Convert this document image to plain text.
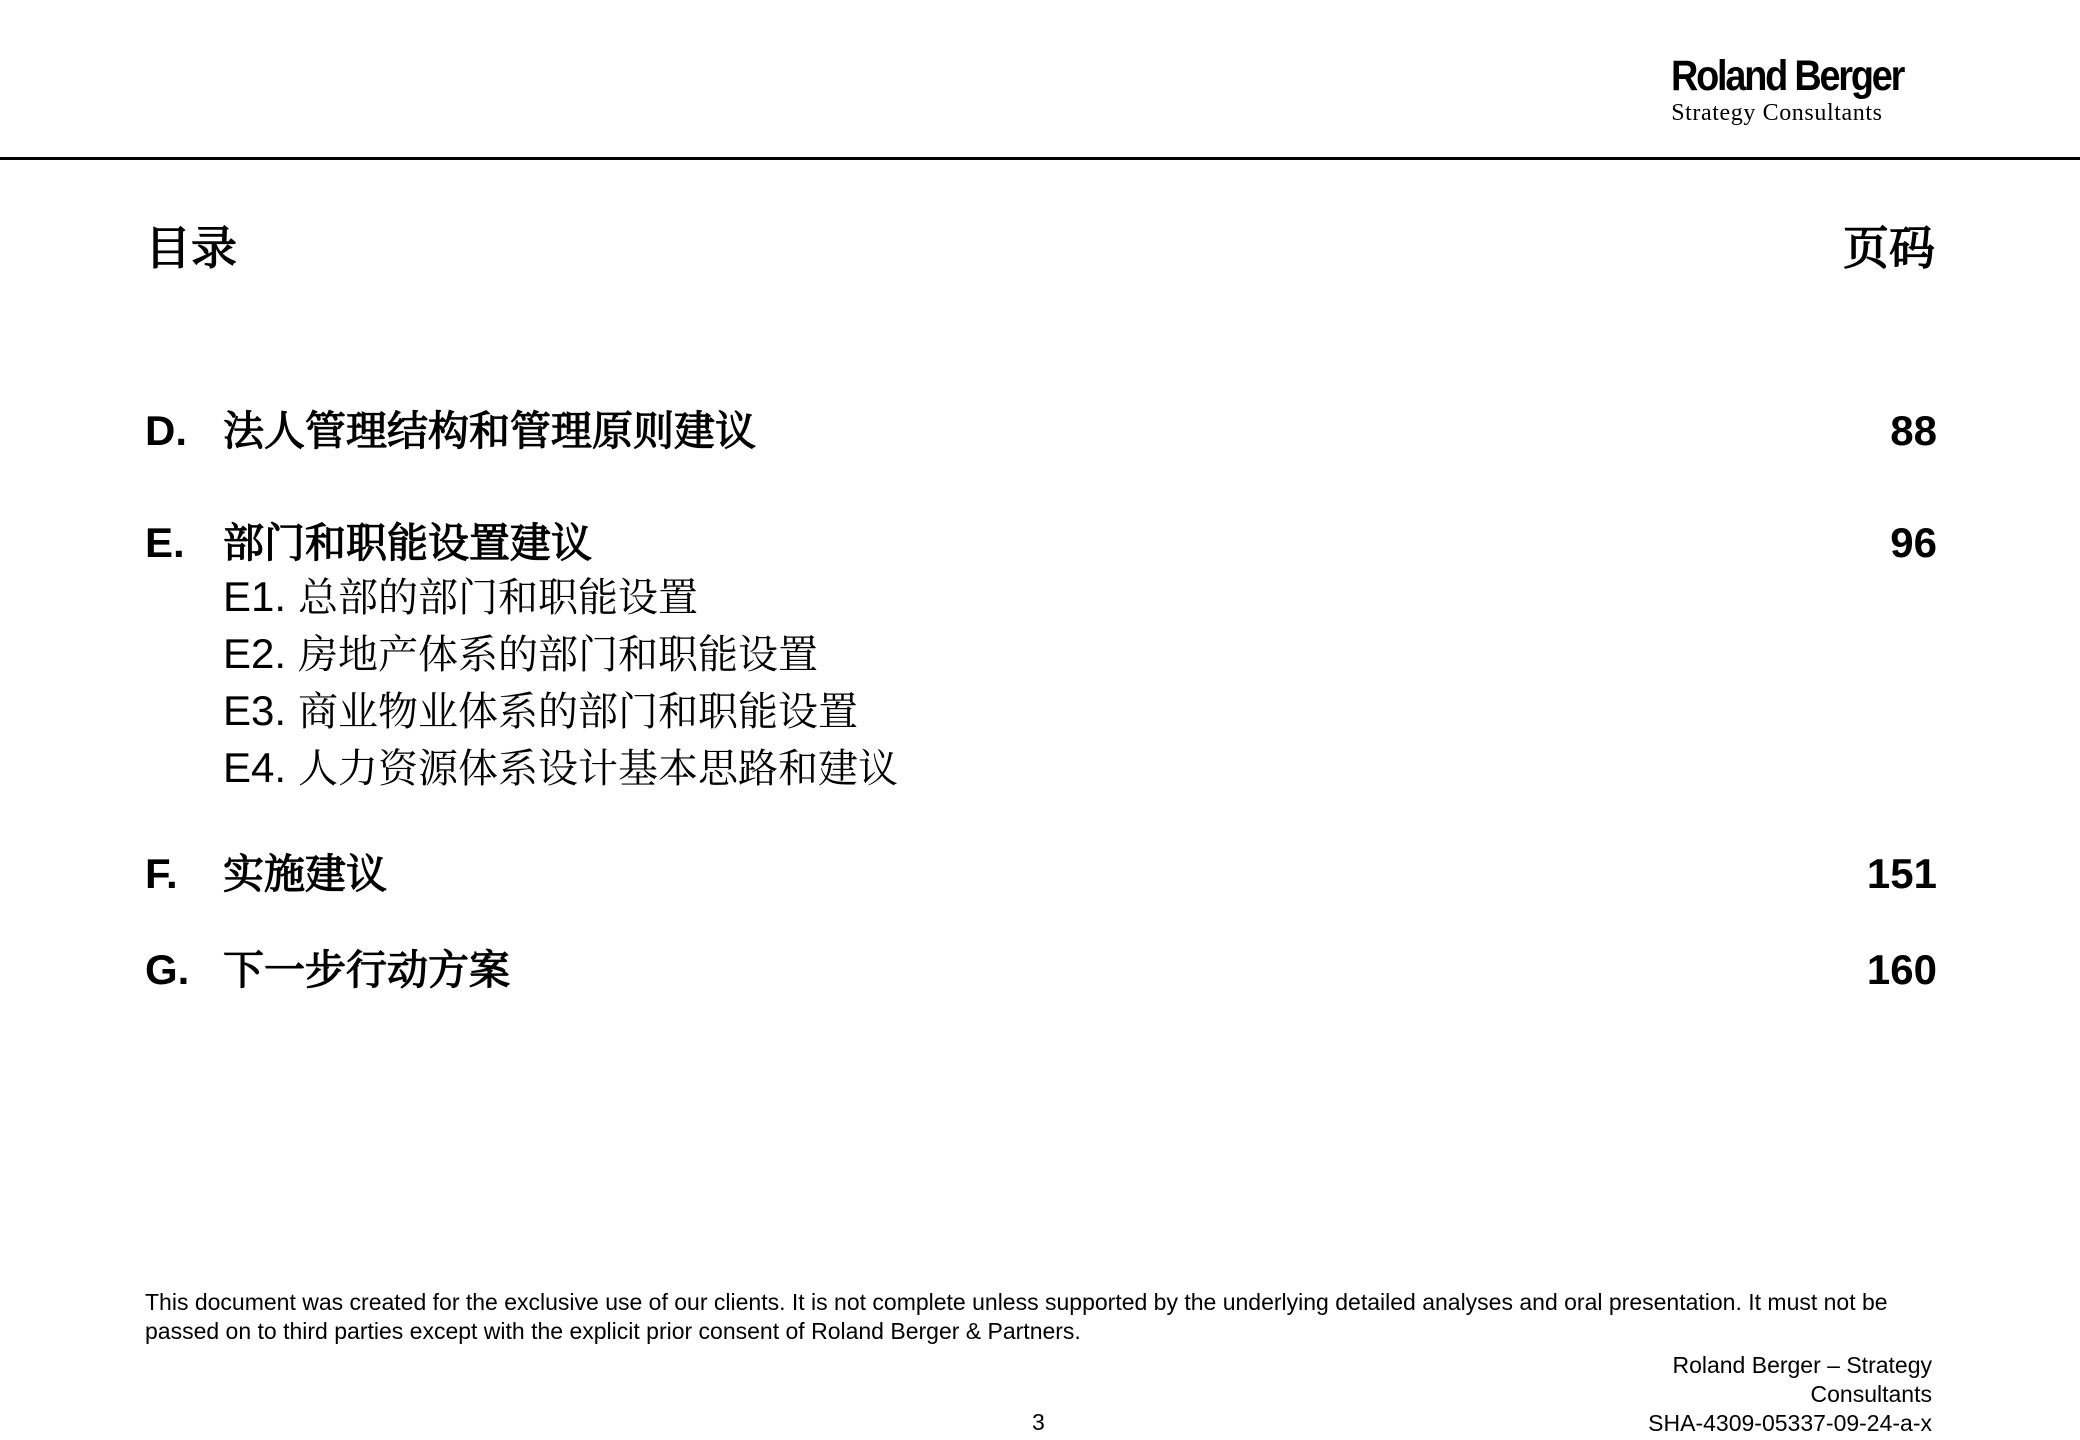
Roland Berger
Strategy Consultants
目录	页码
D. 法人管理结构和管理原则建议	88
E. 部门和职能设置建议	96
E1. 总部的部门和职能设置
E2. 房地产体系的部门和职能设置
E3. 商业物业体系的部门和职能设置
E4. 人力资源体系设计基本思路和建议
F. 实施建议	151
G. 下一步行动方案	160
This document was created for the exclusive use of our clients. It is not complete unless supported by the underlying detailed analyses and oral presentation. It must not be passed on to third parties except with the explicit prior consent of Roland Berger & Partners.
3
Roland Berger – Strategy
Consultants
SHA-4309-05337-09-24-a-x
